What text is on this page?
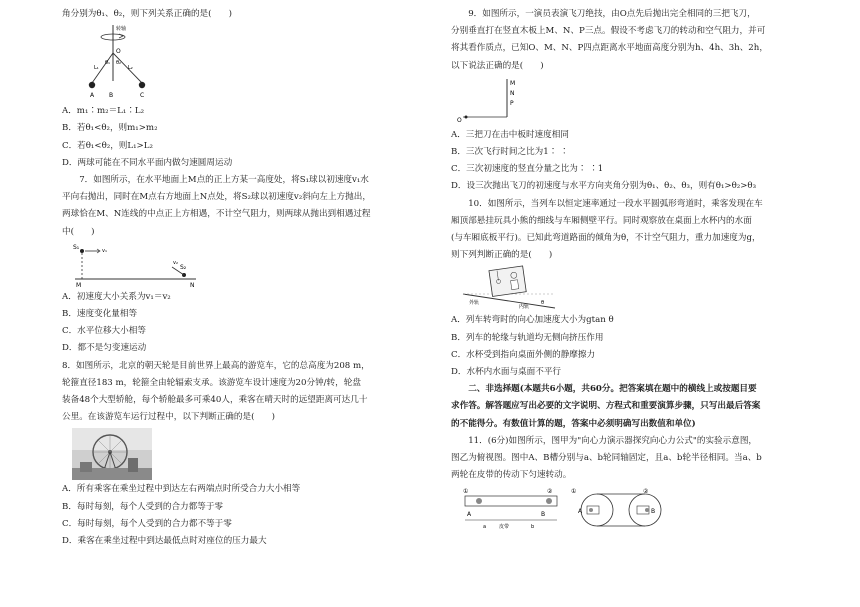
角分别为θ₁、θ₂，则下列关系正确的是(　　)
转轴
O
A B	C
L₁	L₂
θ₁ θ₂
A．m₁∶m₂＝L₁∶L₂
B．若θ₁<θ₂，则m₁>m₂
C．若θ₁<θ₂，则L₁>L₂
D．两球可能在不同水平面内做匀速圆周运动
7．如图所示，在水平地面上M点的正上方某一高度处，将S₁球以初速度v₁水
平向右抛出，同时在M点右方地面上N点处，将S₂球以初速度v₂斜向左上方抛出，
两球恰在M、N连线的中点正上方相遇，不计空气阻力，则两球从抛出到相遇过程
中(　　)
S₁	v₁
M
v₂
S₂
N
A．初速度大小关系为v₁＝v₂
B．速度变化量相等
C．水平位移大小相等
D．都不是匀变速运动
8．如图所示，北京的朝天轮是目前世界上最高的游览车，它的总高度为208 m，
轮箍直径183 m，轮箍全由轮辐索支承。该游览车设计速度为20分钟/转，轮盘
装备48个大型轿舱，每个轿舱最多可乘40人，乘客在晴天时的远望距离可达几十
公里。在该游览车运行过程中，以下判断正确的是(　　)
A．所有乘客在乘坐过程中到达左右两端点时所受合力大小相等
B．每时每刻，每个人受到的合力都等于零
C．每时每刻，每个人受到的合力都不等于零
D．乘客在乘坐过程中到达最低点时对座位的压力最大
9．如图所示，一演员表演飞刀绝技，由O点先后抛出完全相同的三把飞刀，
分别垂直打在竖直木板上M、N、P三点。假设不考虑飞刀的转动和空气阻力，并可
将其看作质点，已知O、M、N、P四点距离水平地面高度分别为h、4h、3h、2h，
以下说法正确的是(　　)
M
N
P
O
A．三把刀在击中板时速度相同
B．三次飞行时间之比为1∶ ∶
C．三次初速度的竖直分量之比为∶ ∶1
D．设三次抛出飞刀的初速度与水平方向夹角分别为θ₁、θ₂、θ₃，则有θ₁>θ₂>θ₃
10．如图所示，当列车以恒定速率通过一段水平圆弧形弯道时，乘客发现在车
厢顶部悬挂玩具小熊的细线与车厢侧壁平行。同时观察放在桌面上水杯内的水面
(与车厢底板平行)。已知此弯道路面的倾角为θ，不计空气阻力，重力加速度为g，
则下列判断正确的是(　　)
外轨
内轨
θ
A．列车转弯时的向心加速度大小为gtan θ
B．列车的轮缘与轨道均无侧向挤压作用
C．水杯受到指向桌面外侧的静摩擦力
D．水杯内水面与桌面不平行
二、非选择题(本题共6小题，共60分。把答案填在题中的横线上或按题目要
求作答。解答题应写出必要的文字说明、方程式和重要演算步骤，只写出最后答案
的不能得分。有数值计算的题，答案中必须明确写出数值和单位)
11．(6分)如图所示，图甲为"向心力演示器探究向心力公式"的实验示意图，
图乙为俯视图。图中A、B槽分别与a、b轮同轴固定，且a、b轮半径相同。当a、b
两轮在皮带的传动下匀速转动。
①	②
A	B
皮带
a	b
①	②
A	B
